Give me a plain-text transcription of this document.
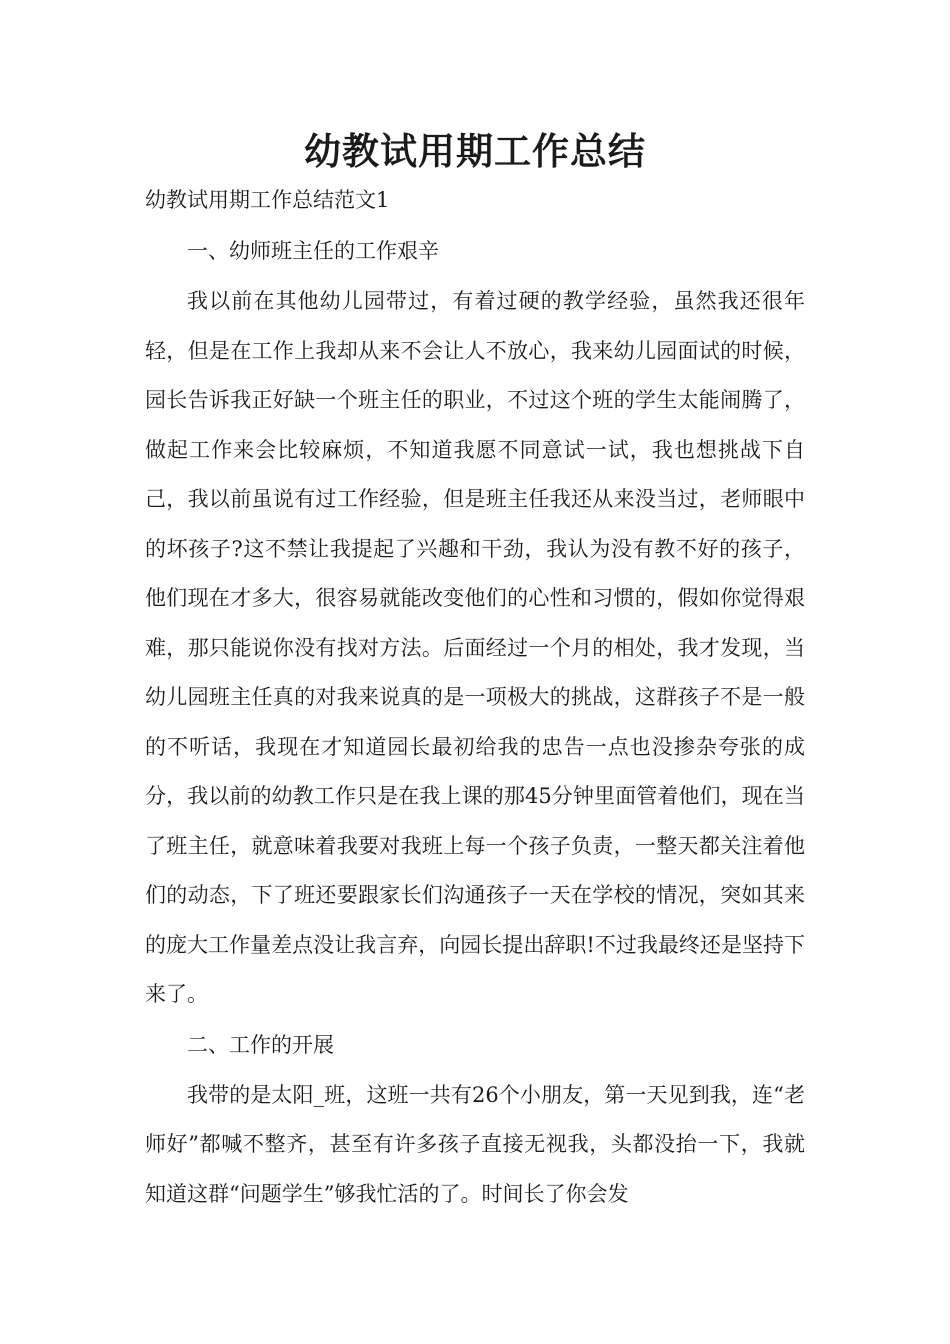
幼教试用期工作总结

幼教试用期工作总结范文1

一、幼师班主任的工作艰辛

我以前在其他幼儿园带过，有着过硬的教学经验，虽然我还很年轻，但是在工作上我却从来不会让人不放心，我来幼儿园面试的时候，园长告诉我正好缺一个班主任的职业，不过这个班的学生太能闹腾了，做起工作来会比较麻烦，不知道我愿不同意试一试，我也想挑战下自己，我以前虽说有过工作经验，但是班主任我还从来没当过，老师眼中的坏孩子?这不禁让我提起了兴趣和干劲，我认为没有教不好的孩子，他们现在才多大，很容易就能改变他们的心性和习惯的，假如你觉得艰难，那只能说你没有找对方法。后面经过一个月的相处，我才发现，当幼儿园班主任真的对我来说真的是一项极大的挑战，这群孩子不是一般的不听话，我现在才知道园长最初给我的忠告一点也没掺杂夸张的成分，我以前的幼教工作只是在我上课的那45分钟里面管着他们，现在当了班主任，就意味着我要对我班上每一个孩子负责，一整天都关注着他们的动态，下了班还要跟家长们沟通孩子一天在学校的情况，突如其来的庞大工作量差点没让我言弃，向园长提出辞职!不过我最终还是坚持下来了。

二、工作的开展

我带的是太阳_班，这班一共有26个小朋友，第一天见到我，连“老师好”都喊不整齐，甚至有许多孩子直接无视我，头都没抬一下，我就知道这群“问题学生”够我忙活的了。时间长了你会发
